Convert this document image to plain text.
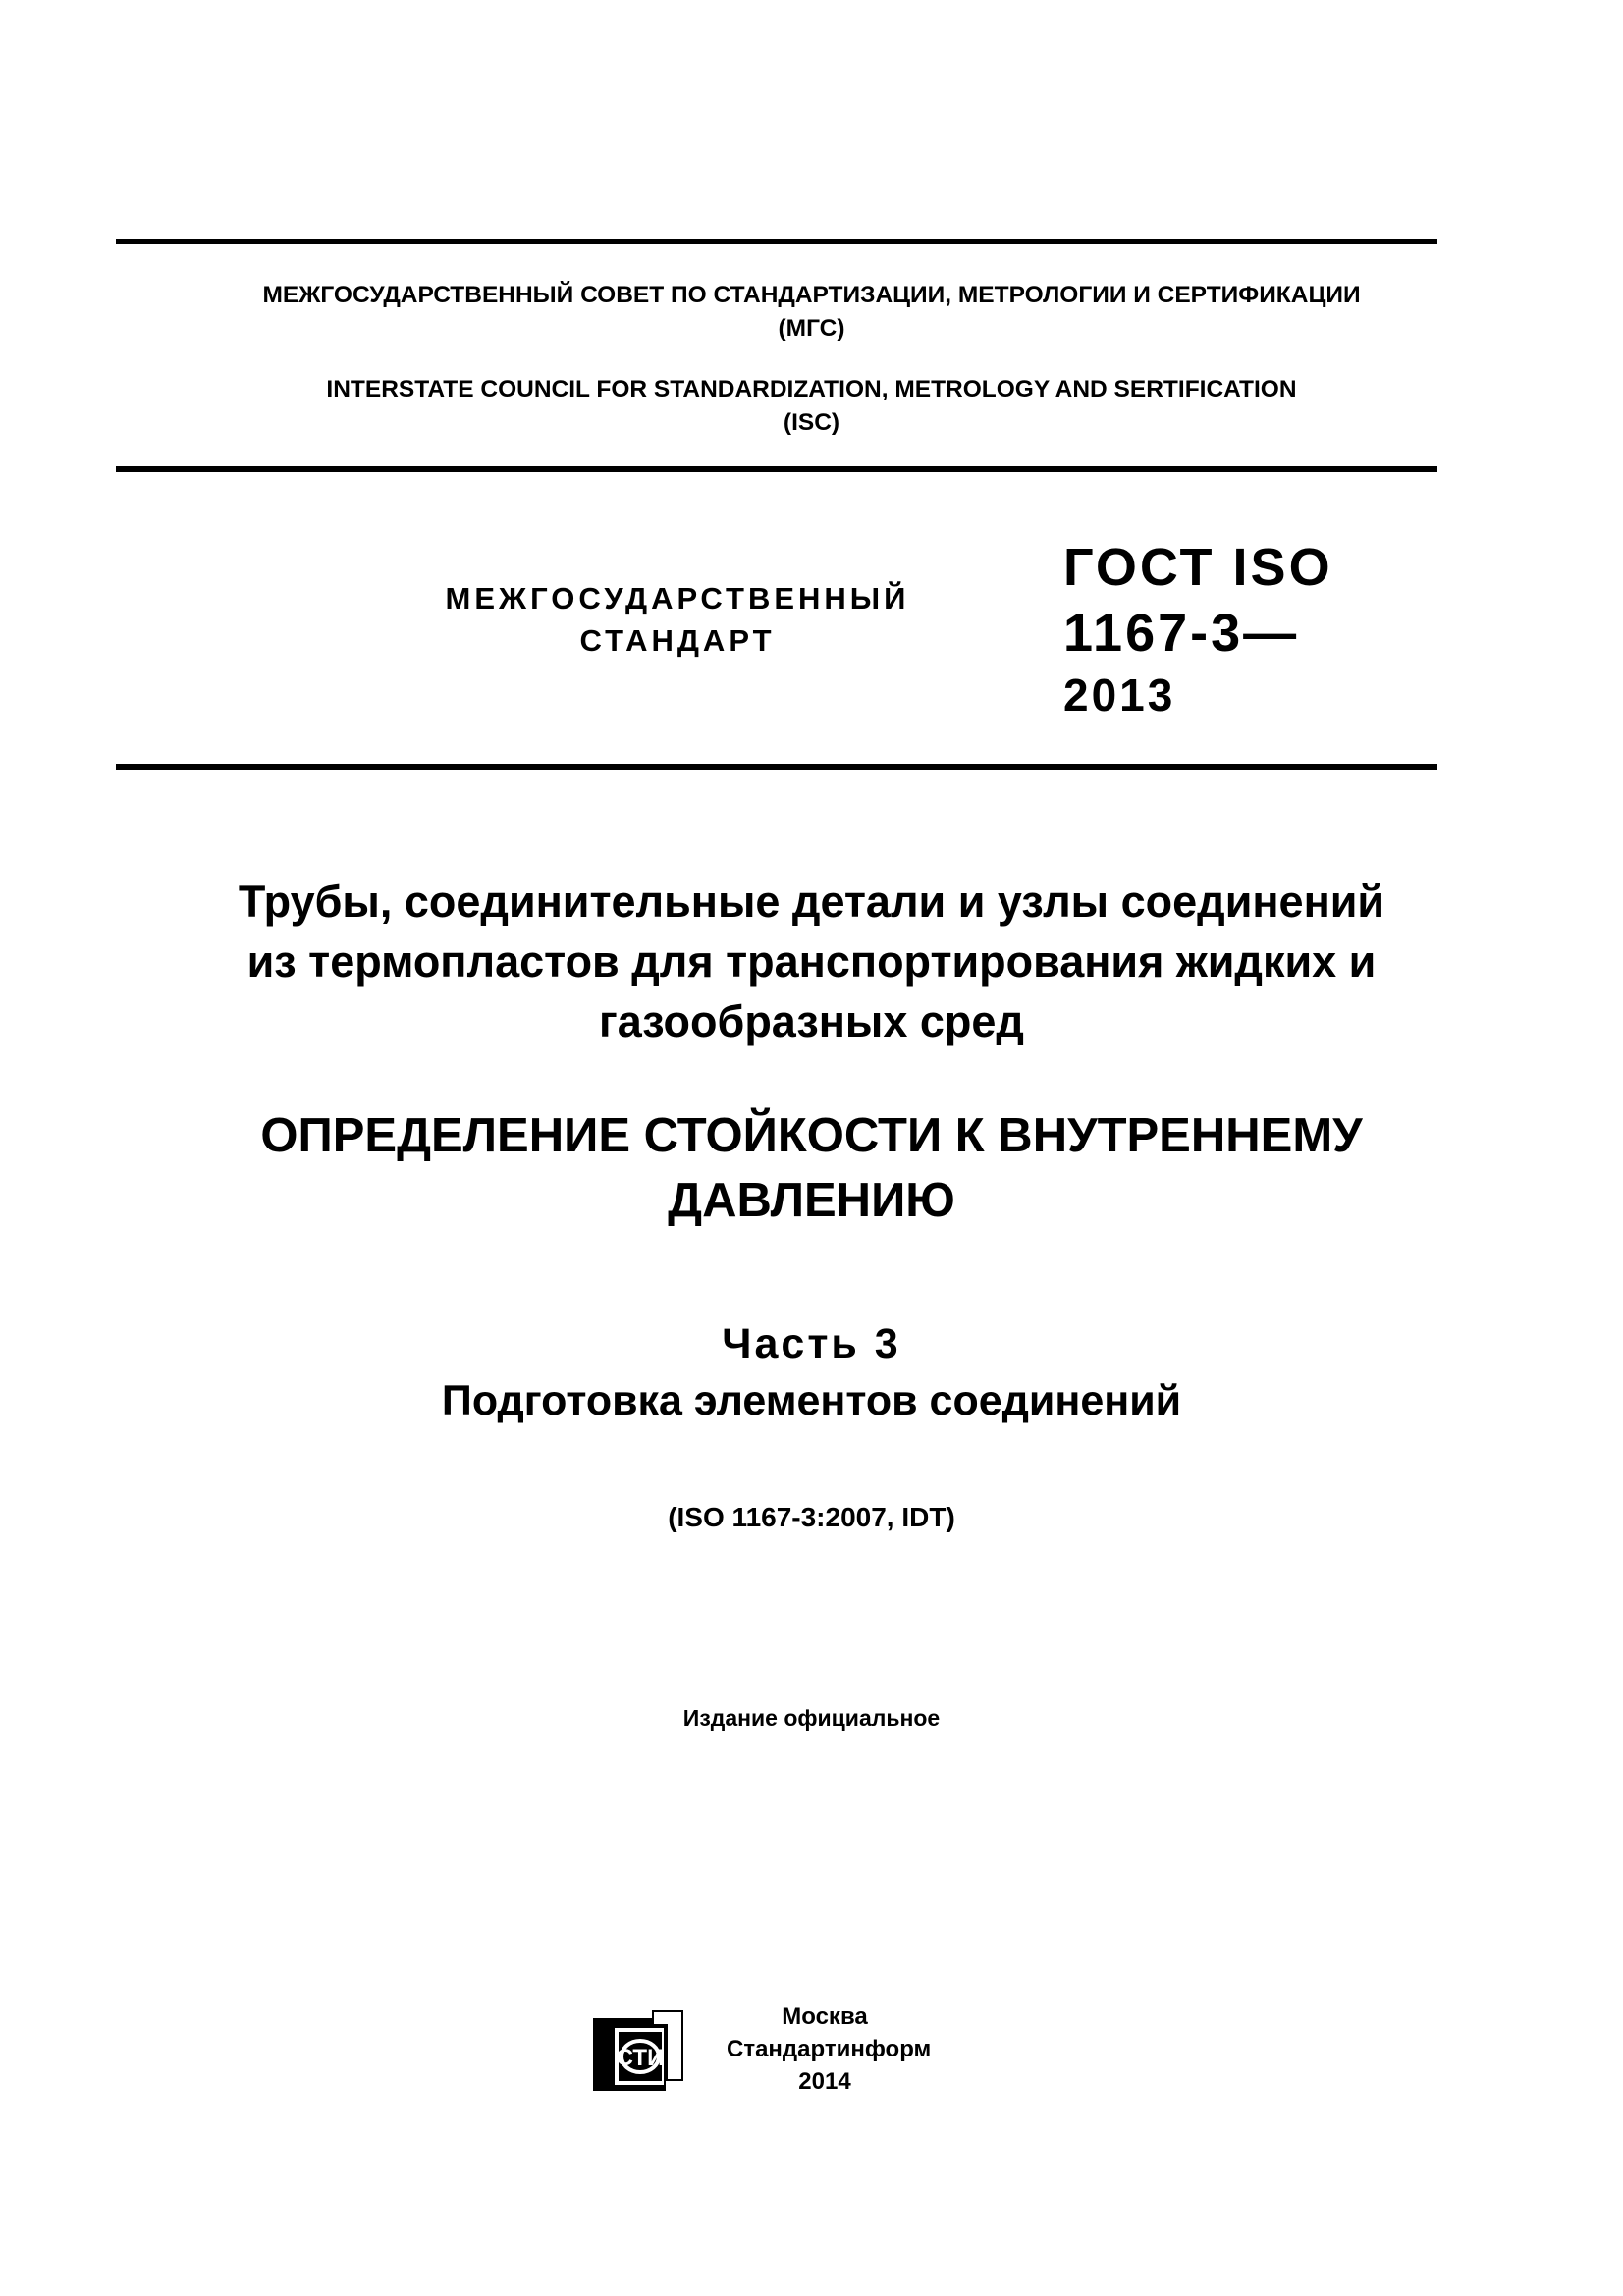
МЕЖГОСУДАРСТВЕННЫЙ СОВЕТ ПО СТАНДАРТИЗАЦИИ, МЕТРОЛОГИИ И СЕРТИФИКАЦИИ
(МГС)
INTERSTATE COUNCIL FOR STANDARDIZATION, METROLOGY AND SERTIFICATION
(ISC)
МЕЖГОСУДАРСТВЕННЫЙ
СТАНДАРТ
ГОСТ ISO
1167-3—
2013
Трубы, соединительные детали и узлы соединений
из термопластов для транспортирования жидких и
газообразных сред
ОПРЕДЕЛЕНИЕ СТОЙКОСТИ К ВНУТРЕННЕМУ
ДАВЛЕНИЮ
Часть 3
Подготовка элементов соединений
(ISO 1167-3:2007, IDT)
Издание официальное
СТИ
Москва
Стандартинформ
2014
